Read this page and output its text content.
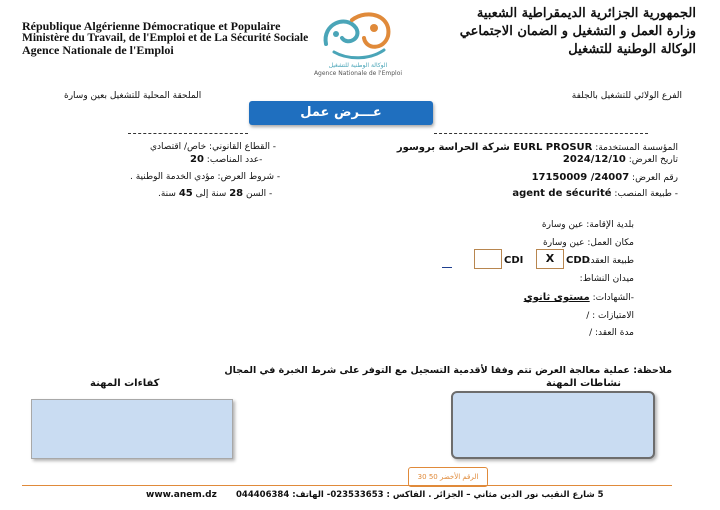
République Algérienne Démocratique et Populaire
Ministère du Travail, de l'Emploi et de La Sécurité Sociale
Agence Nationale de l'Emploi
الوكالة الوطنية للتشغيل
Agence Nationale de l'Emploi
الجمهورية الجزائرية الديمقراطية الشعبية
وزارة العمل و التشغيل و الضمان الاجتماعي
الوكالة الوطنية للتشغيل
الفرع الولائي للتشغيل بالجلفة
الملحقة المحلية للتشغيل بعين وسارة
عـــرض عمل
المؤسسة المستخدمة: EURL PROSUR شركة الحراسة بروسور
تاريخ العرض: 2024/12/10
رقم العرض: 17150009 /24007
- طبيعة المنصب: agent de sécurité
- القطاع القانوني: خاص/ اقتصادي
-عدد المناصب: 20
- شروط العرض: مؤدي الخدمة الوطنية .
- السن 28 سنة إلى 45 سنة.
بلدية الإقامة: عين وسارة
مكان العمل: عين وسارة
طبيعة العقد:
CDI	X	CDD
ميدان النشاط:
-الشهادات: مستوى ثانوي
الامتيازات : /
مدة العقد: /
ملاحظة: عملية معالجة العرض تتم وفقا لأقدمية التسجيل مع التوفر على شرط الخبرة في المجال
نشاطات المهنة
كفاءات المهنة
الرقم الأخضر 50 30
5 شارع النقيب نور الدين مثاني – الجزائر . الفاكس : 023533653- الهاتف: 044406384
www.anem.dz
